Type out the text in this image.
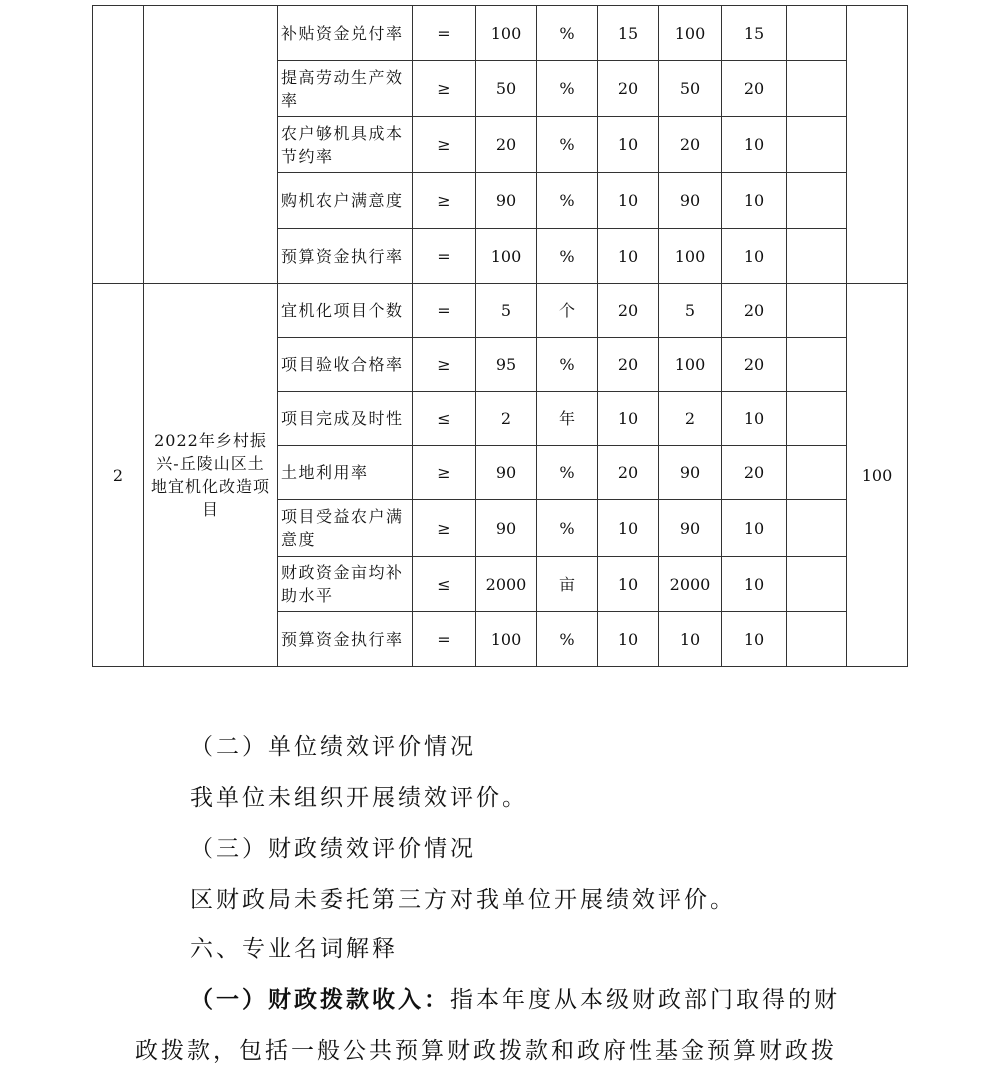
		补贴资金兑付率	=	100	%	15	100	15		
		提高劳动生产效率	≥	50	%	20	50	20		
		农户够机具成本节约率	≥	20	%	10	20	10		
		购机农户满意度	≥	90	%	10	90	10		
		预算资金执行率	=	100	%	10	100	10		
2	2022年乡村振兴-丘陵山区土地宜机化改造项目	宜机化项目个数	=	5	个	20	5	20		100
		项目验收合格率	≥	95	%	20	100	20		
		项目完成及时性	≤	2	年	10	2	10		
		土地利用率	≥	90	%	20	90	20		
		项目受益农户满意度	≥	90	%	10	90	10		
		财政资金亩均补助水平	≤	2000	亩	10	2000	10		
		预算资金执行率	=	100	%	10	10	10		
（二）单位绩效评价情况
我单位未组织开展绩效评价。
（三）财政绩效评价情况
区财政局未委托第三方对我单位开展绩效评价。
六、专业名词解释
（一）财政拨款收入：指本年度从本级财政部门取得的财
政拨款，包括一般公共预算财政拨款和政府性基金预算财政拨
